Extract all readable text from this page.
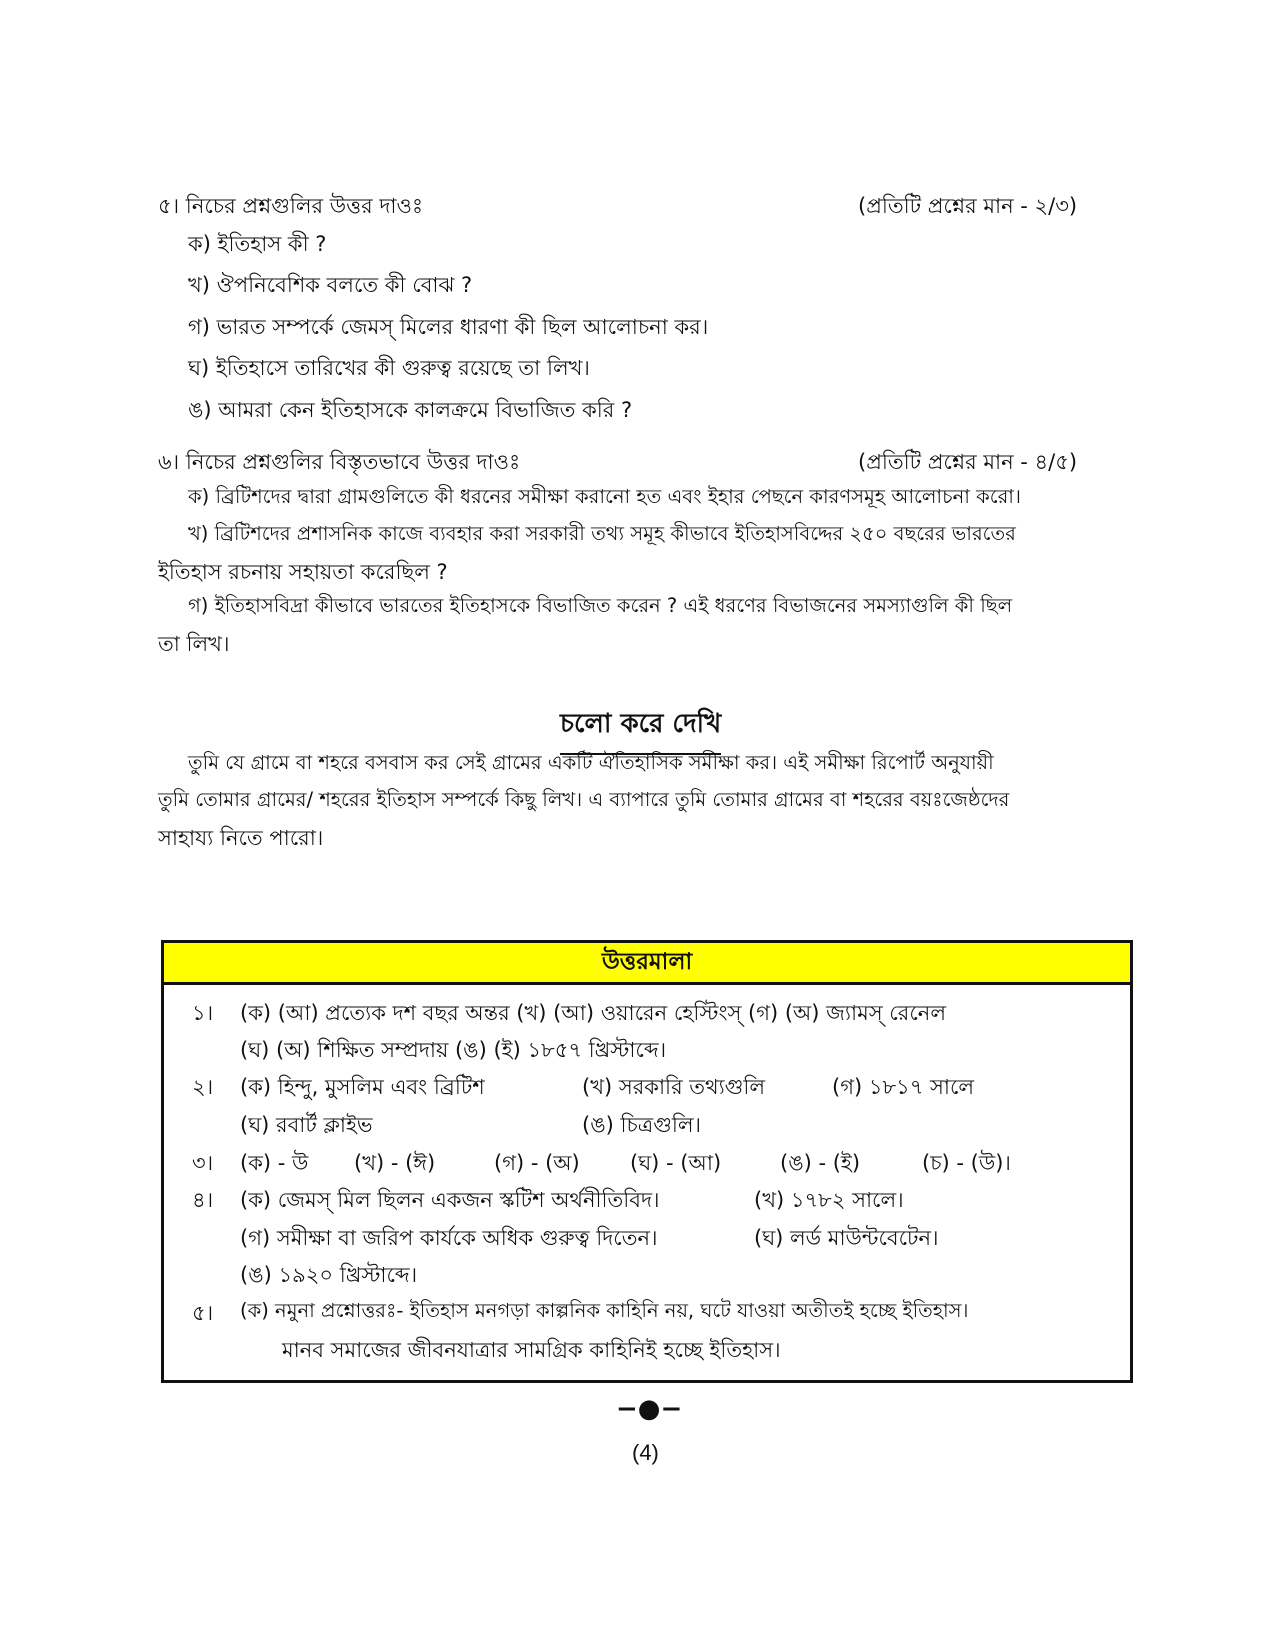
৫। নিচের প্রশ্নগুলির উত্তর দাওঃ	(প্রতিটি প্রশ্নের মান - ২/৩)
ক) ইতিহাস কী ?
খ) ঔপনিবেশিক বলতে কী বোঝ ?
গ) ভারত সম্পর্কে জেমস্ মিলের ধারণা কী ছিল আলোচনা কর।
ঘ) ইতিহাসে তারিখের কী গুরুত্ব রয়েছে তা লিখ।
ঙ) আমরা কেন ইতিহাসকে কালক্রমে বিভাজিত করি ?
৬। নিচের প্রশ্নগুলির বিস্তৃতভাবে উত্তর দাওঃ	(প্রতিটি প্রশ্নের মান - ৪/৫)
ক) ব্রিটিশদের দ্বারা গ্রামগুলিতে কী ধরনের সমীক্ষা করানো হত এবং ইহার পেছনে কারণসমূহ আলোচনা করো।
খ) ব্রিটিশদের প্রশাসনিক কাজে ব্যবহার করা সরকারী তথ্য সমূহ কীভাবে ইতিহাসবিদ্দের ২৫০ বছরের ভারতের
ইতিহাস রচনায় সহায়তা করেছিল ?
গ) ইতিহাসবিদ্রা কীভাবে ভারতের ইতিহাসকে বিভাজিত করেন ? এই ধরণের বিভাজনের সমস্যাগুলি কী ছিল
তা লিখ।
চলো করে দেখি
তুমি যে গ্রামে বা শহরে বসবাস কর সেই গ্রামের একটি ঐতিহাসিক সমীক্ষা কর। এই সমীক্ষা রিপোর্ট অনুযায়ী
তুমি তোমার গ্রামের/ শহরের ইতিহাস সম্পর্কে কিছু লিখ। এ ব্যাপারে তুমি তোমার গ্রামের বা শহরের বয়ঃজেষ্ঠদের
সাহায্য নিতে পারো।
উত্তরমালা
১। (ক) (আ) প্রত্যেক দশ বছর অন্তর (খ) (আ) ওয়ারেন হেস্টিংস্ (গ) (অ) জ্যামস্ রেনেল
(ঘ) (অ) শিক্ষিত সম্প্রদায় (ঙ) (ই) ১৮৫৭ খ্রিস্টাব্দে।
২। (ক) হিন্দু, মুসলিম এবং ব্রিটিশ	(খ) সরকারি তথ্যগুলি	(গ) ১৮১৭ সালে
(ঘ) রবার্ট ক্লাইভ	(ঙ) চিত্রগুলি।
৩। (ক) - উ (খ) - (ঈ)	(গ) - (অ) (ঘ) - (আ)	(ঙ) - (ই)	(চ) - (উ)।
৪। (ক) জেমস্ মিল ছিলন একজন স্কটিশ অর্থনীতিবিদ।	(খ) ১৭৮২ সালে।
(গ) সমীক্ষা বা জরিপ কার্যকে অধিক গুরুত্ব দিতেন।	(ঘ) লর্ড মাউন্টবেটেন।
(ঙ) ১৯২০ খ্রিস্টাব্দে।
৫। (ক) নমুনা প্রশ্নোত্তরঃ- ইতিহাস মনগড়া কাল্পনিক কাহিনি নয়, ঘটে যাওয়া অতীতই হচ্ছে ইতিহাস।
মানব সমাজের জীবনযাত্রার সামগ্রিক কাহিনিই হচ্ছে ইতিহাস।
−●−
(4)
